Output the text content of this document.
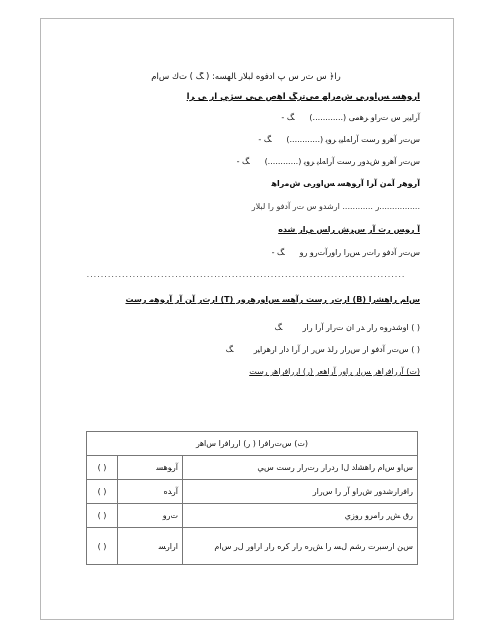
ﺭﺍ﴿ ﺱ ﺕﺭ ﺱ ﭖ ﺁﺩﻓﻮﻩ ﻟﺒﻼﺭ ﺎﻟﻬﺴﻪ: ( ﮓ ) ﺕﻙ ﺱﺍﻡ
ﺁﺭﻮﻫﺴ ﺲﺍﻭﺭﯽ ﺵﻣﺭﺍﻬ ﻣﯽﺗﺭﮓ ﺁﻫﺹ ﯽﯽ ﺳﮋﻲ ﺍﺭ ﯽ ﺮﺍ
ﺁﺭﺍﻴﺑﺭ ﺱ ﺕﺭﺍﻭ ﺮﻫﻣﯽ (............)
- ﮓ
ﺱﺕﺭ ﺁﻫﺭﻭ ﺭﺳﺖ ﺁﺭﺍﻪﻠﻴﻳ ﺮﻭﻳ (............)
- ﮓ
ﺱﺕﺭ ﺁﻫﺭﻭ ﺵﺪﻭﺭ ﺭﺳﺖ ﺁﺭﺍﻪﻠﻳ ﺮﻭﻳ (............)
- ﮓ
ﺁﺭﻮﻫﺭ ﺁﻤﻥ ﺁﺮﺍ ﺁﺭﻮﻫﺴ ﺲﺍﻭﺭﯽ ﺵﻣﺭﺍﻫ
................ﺭ ............ ﺍﺭﺷﺪﻭ ﺱ ﺕﺭ ﺁﺩﻓﻮ ﺭﺍ ﻟﺒﻼﺭ
ﺁ ﺭﻮﺲ ﺭﺕ ﺁﺭ ﺱﺮﺶ ﺭﺍﺲ ﻲﺍﺭ ﺷﺪﻩ
ﺱﺕﺭ ﺁﺩﻓﻮ ﺭﺍﺕﺭ ﺲﺭﺍ ﺭﺍﻭﺭﺁﺕﺭﻭ ﺭﻭ
- ﮓ
..........................................................................................
ﺱﺍﻢ ﺭﺍﻫﺸﺭﺍ (B) ﺍﺭﺕﺭ ﺭﺳﺖ ﺭﺁﻫﺴ ﺲﺍﻭﺭﻫﺭﻭﺭ (T) ﺍﺭﺕﺭ ﺁﻦ ﺁﺭ ﺁﺭﻮﻫﻣ ﺭﺳﺖ
( ) ﺍﻭﺷﺪﺭﻭﻩ ﺭﺍﺭ ﺪﺭ ﺍﻥ ﺕﺭﺍﺭ ﺁﺭﺍ ﺭﺍﺭ
ﮓ
( ) ﺱﺕﺭ ﺁﺩﻓﻮ ﺍﺭ ﺱﺭﺍﺭ ﺭﻟﺬ ﺱﺭ ﺍﺭ ﺁﺭﺍ ﺩﺍﺭ ﺍﺭﻫﺮﺍﻴﺭ
ﮓ
(ﺕ) ﺁﺭﺭﺍﻓﺭﺍﻫﺭ ﺲﺍﺭ ﺭﺍﻭﺭ ﺁﺭﺍﻫﻌﺭ (ﺭ) ﺍﺭﺭﺍﻓﺭﺍﻫﺭ ﺭﺳﺖ
(ﺕ) ﺱﺕﺭﺍﻓﺭﺍ ( ﺭ) ﺍﺭﺭﺍﻓﺭﺍ ﺱﺍﻫﺭ		
ﺱﺍﻭ ﺱﺍﻡ ﺭﺍﻫﺸﻟﺩ ﻝﺍ ﺭﺩﺭﺍﺭ ﺭﺕﺭﺍﺭ ﺭﺳﺖ ﺱﻲ	ﺁﺭﻮﻫﺴ	( )
ﺭﺍﻓﺭﺍﺭﺷﺪﻭﺭ ﺵﺭﺍﻭ ﺁﺭ ﺭﺍ ﺱﺭﺍﺭ	ﺁﺭﺪﻩ	( )
ﺭﻕ ﺶﺭ ﺭﺍﻣﺮﻭ ﺭﻭﺯﻱ	ﺕﺭﻭ	( )
ﺱﻦ ﺍﺭﺳﺒﺭﺕ ﺭﺷﻢ ﻝﺴ ﺭﺍ ﺶﺭﻩ ﺭﺍﺭ ﻛﺮﻩ ﺭﺍﺭ ﺍﺭﺍﻭﺭ ﻝﺭ ﺱﺍﻡ	ﺍﺭﺍﺭﺴ	( )
